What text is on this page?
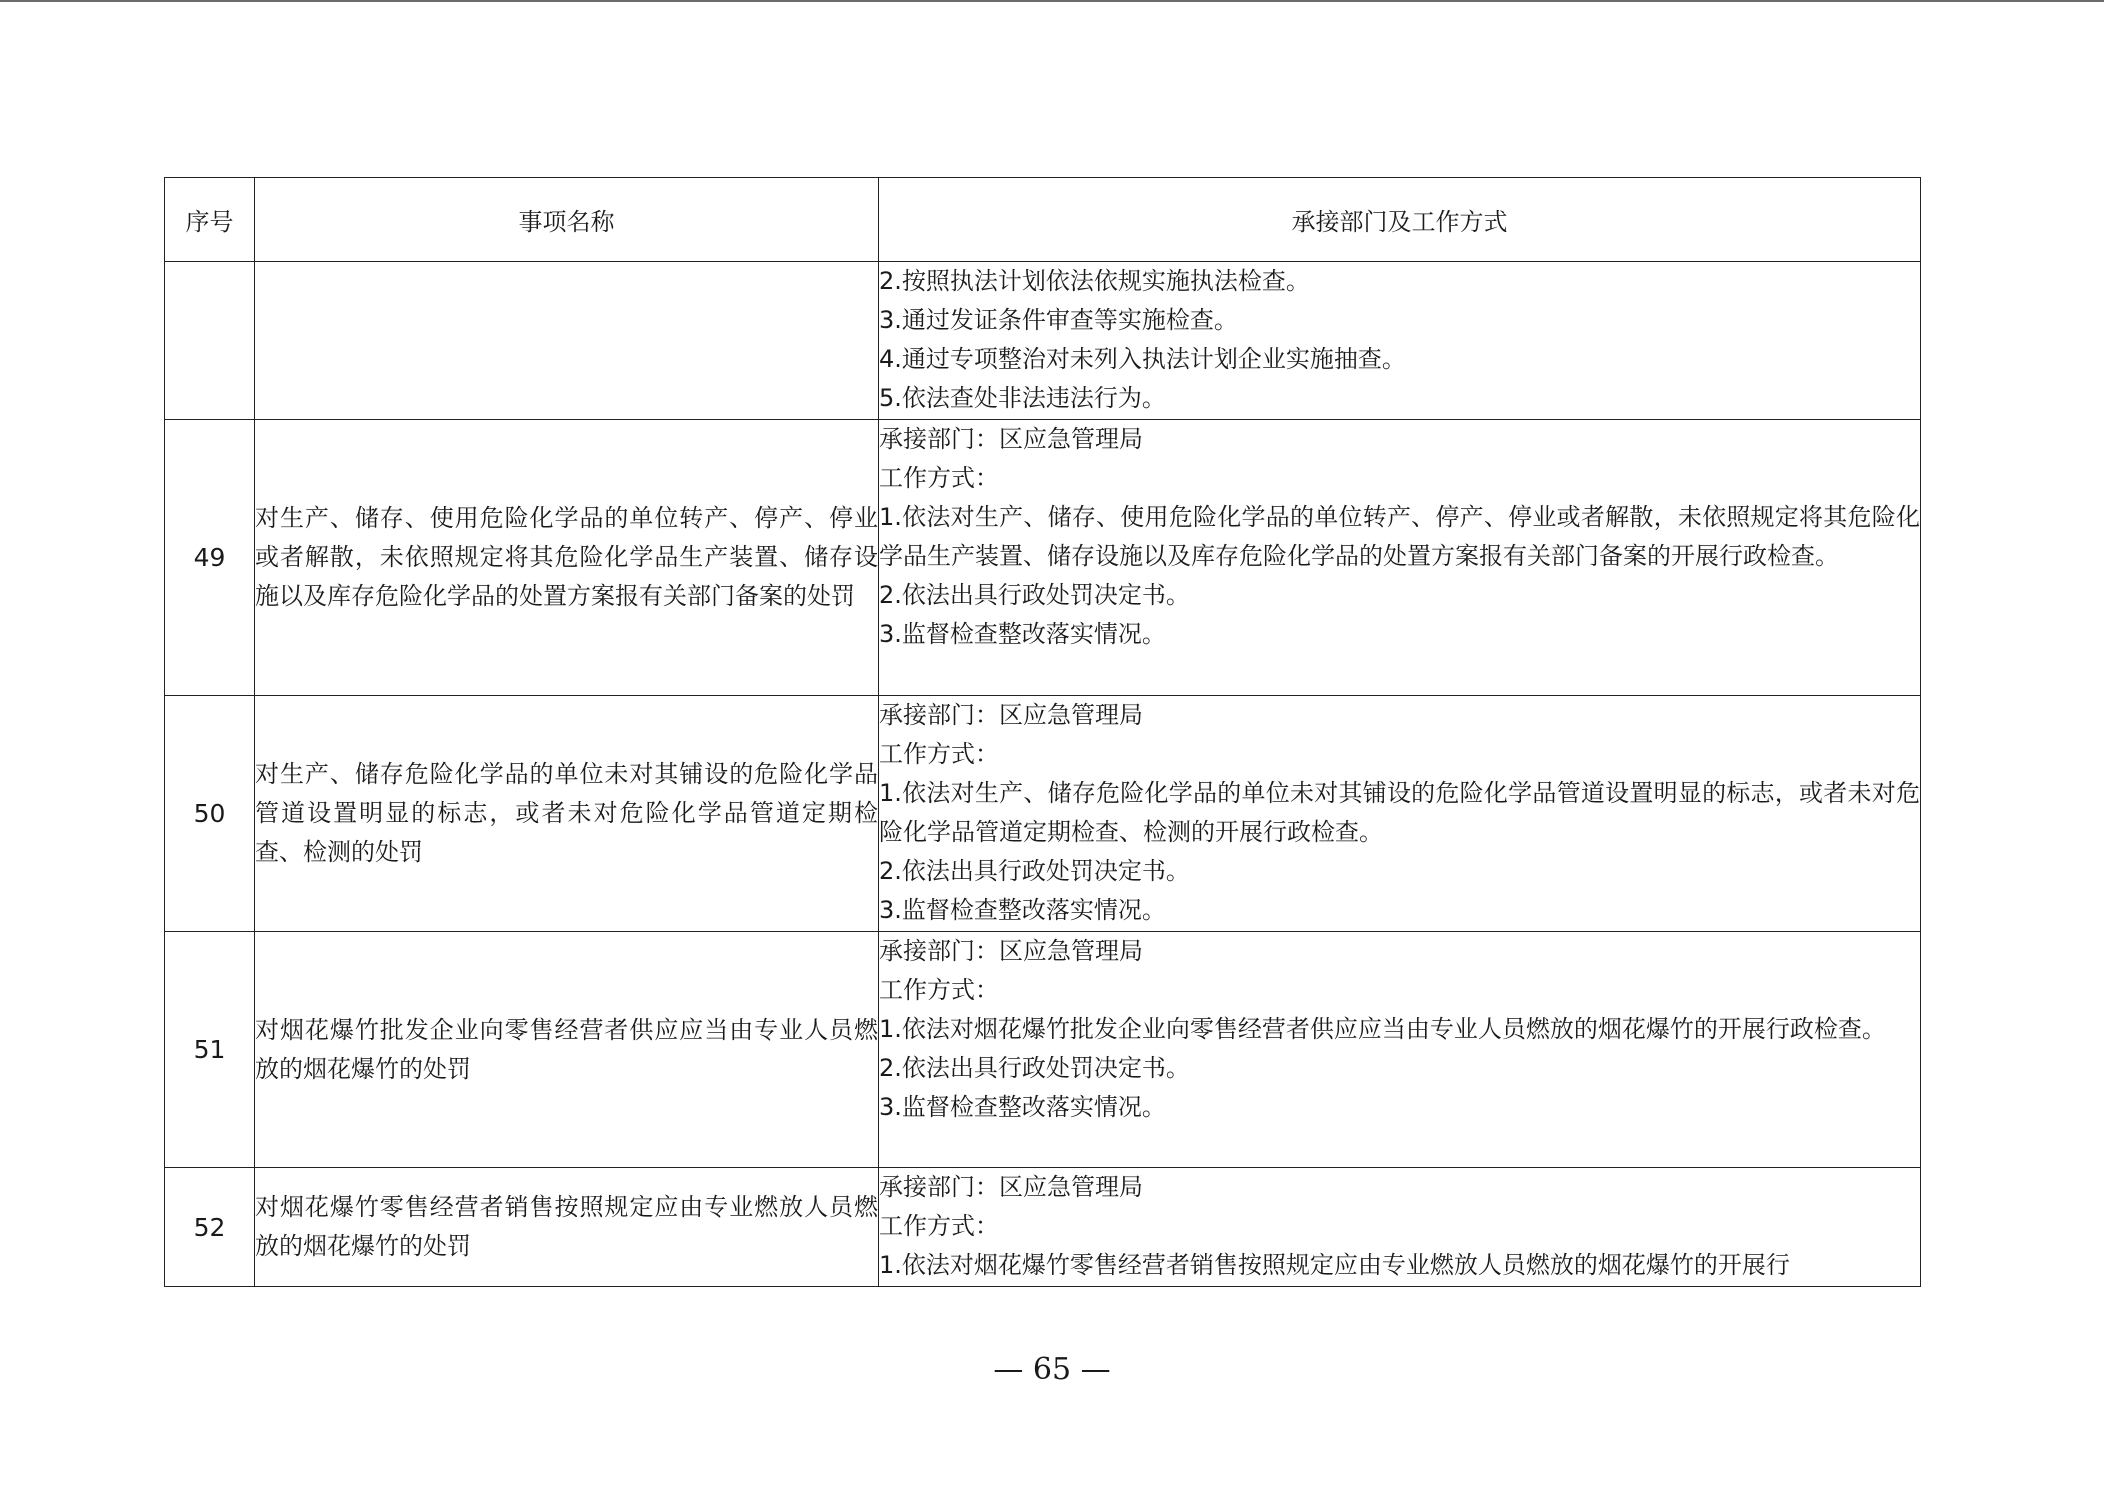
序号	事项名称	承接部门及工作方式

		2.按照执法计划依法依规实施执法检查。
3.通过发证条件审查等实施检查。
4.通过专项整治对未列入执法计划企业实施抽查。
5.依法查处非法违法行为。

49	对生产、储存、使用危险化学品的单位转产、停产、停业或者解散，未依照规定将其危险化学品生产装置、储存设施以及库存危险化学品的处置方案报有关部门备案的处罚	承接部门：区应急管理局
工作方式：
1.依法对生产、储存、使用危险化学品的单位转产、停产、停业或者解散，未依照规定将其危险化学品生产装置、储存设施以及库存危险化学品的处置方案报有关部门备案的开展行政检查。
2.依法出具行政处罚决定书。
3.监督检查整改落实情况。

50	对生产、储存危险化学品的单位未对其铺设的危险化学品管道设置明显的标志，或者未对危险化学品管道定期检查、检测的处罚	承接部门：区应急管理局
工作方式：
1.依法对生产、储存危险化学品的单位未对其铺设的危险化学品管道设置明显的标志，或者未对危险化学品管道定期检查、检测的开展行政检查。
2.依法出具行政处罚决定书。
3.监督检查整改落实情况。

51	对烟花爆竹批发企业向零售经营者供应应当由专业人员燃放的烟花爆竹的处罚	承接部门：区应急管理局
工作方式：
1.依法对烟花爆竹批发企业向零售经营者供应应当由专业人员燃放的烟花爆竹的开展行政检查。
2.依法出具行政处罚决定书。
3.监督检查整改落实情况。

52	对烟花爆竹零售经营者销售按照规定应由专业燃放人员燃放的烟花爆竹的处罚	承接部门：区应急管理局
工作方式：
1.依法对烟花爆竹零售经营者销售按照规定应由专业燃放人员燃放的烟花爆竹的开展行
— 65 —
